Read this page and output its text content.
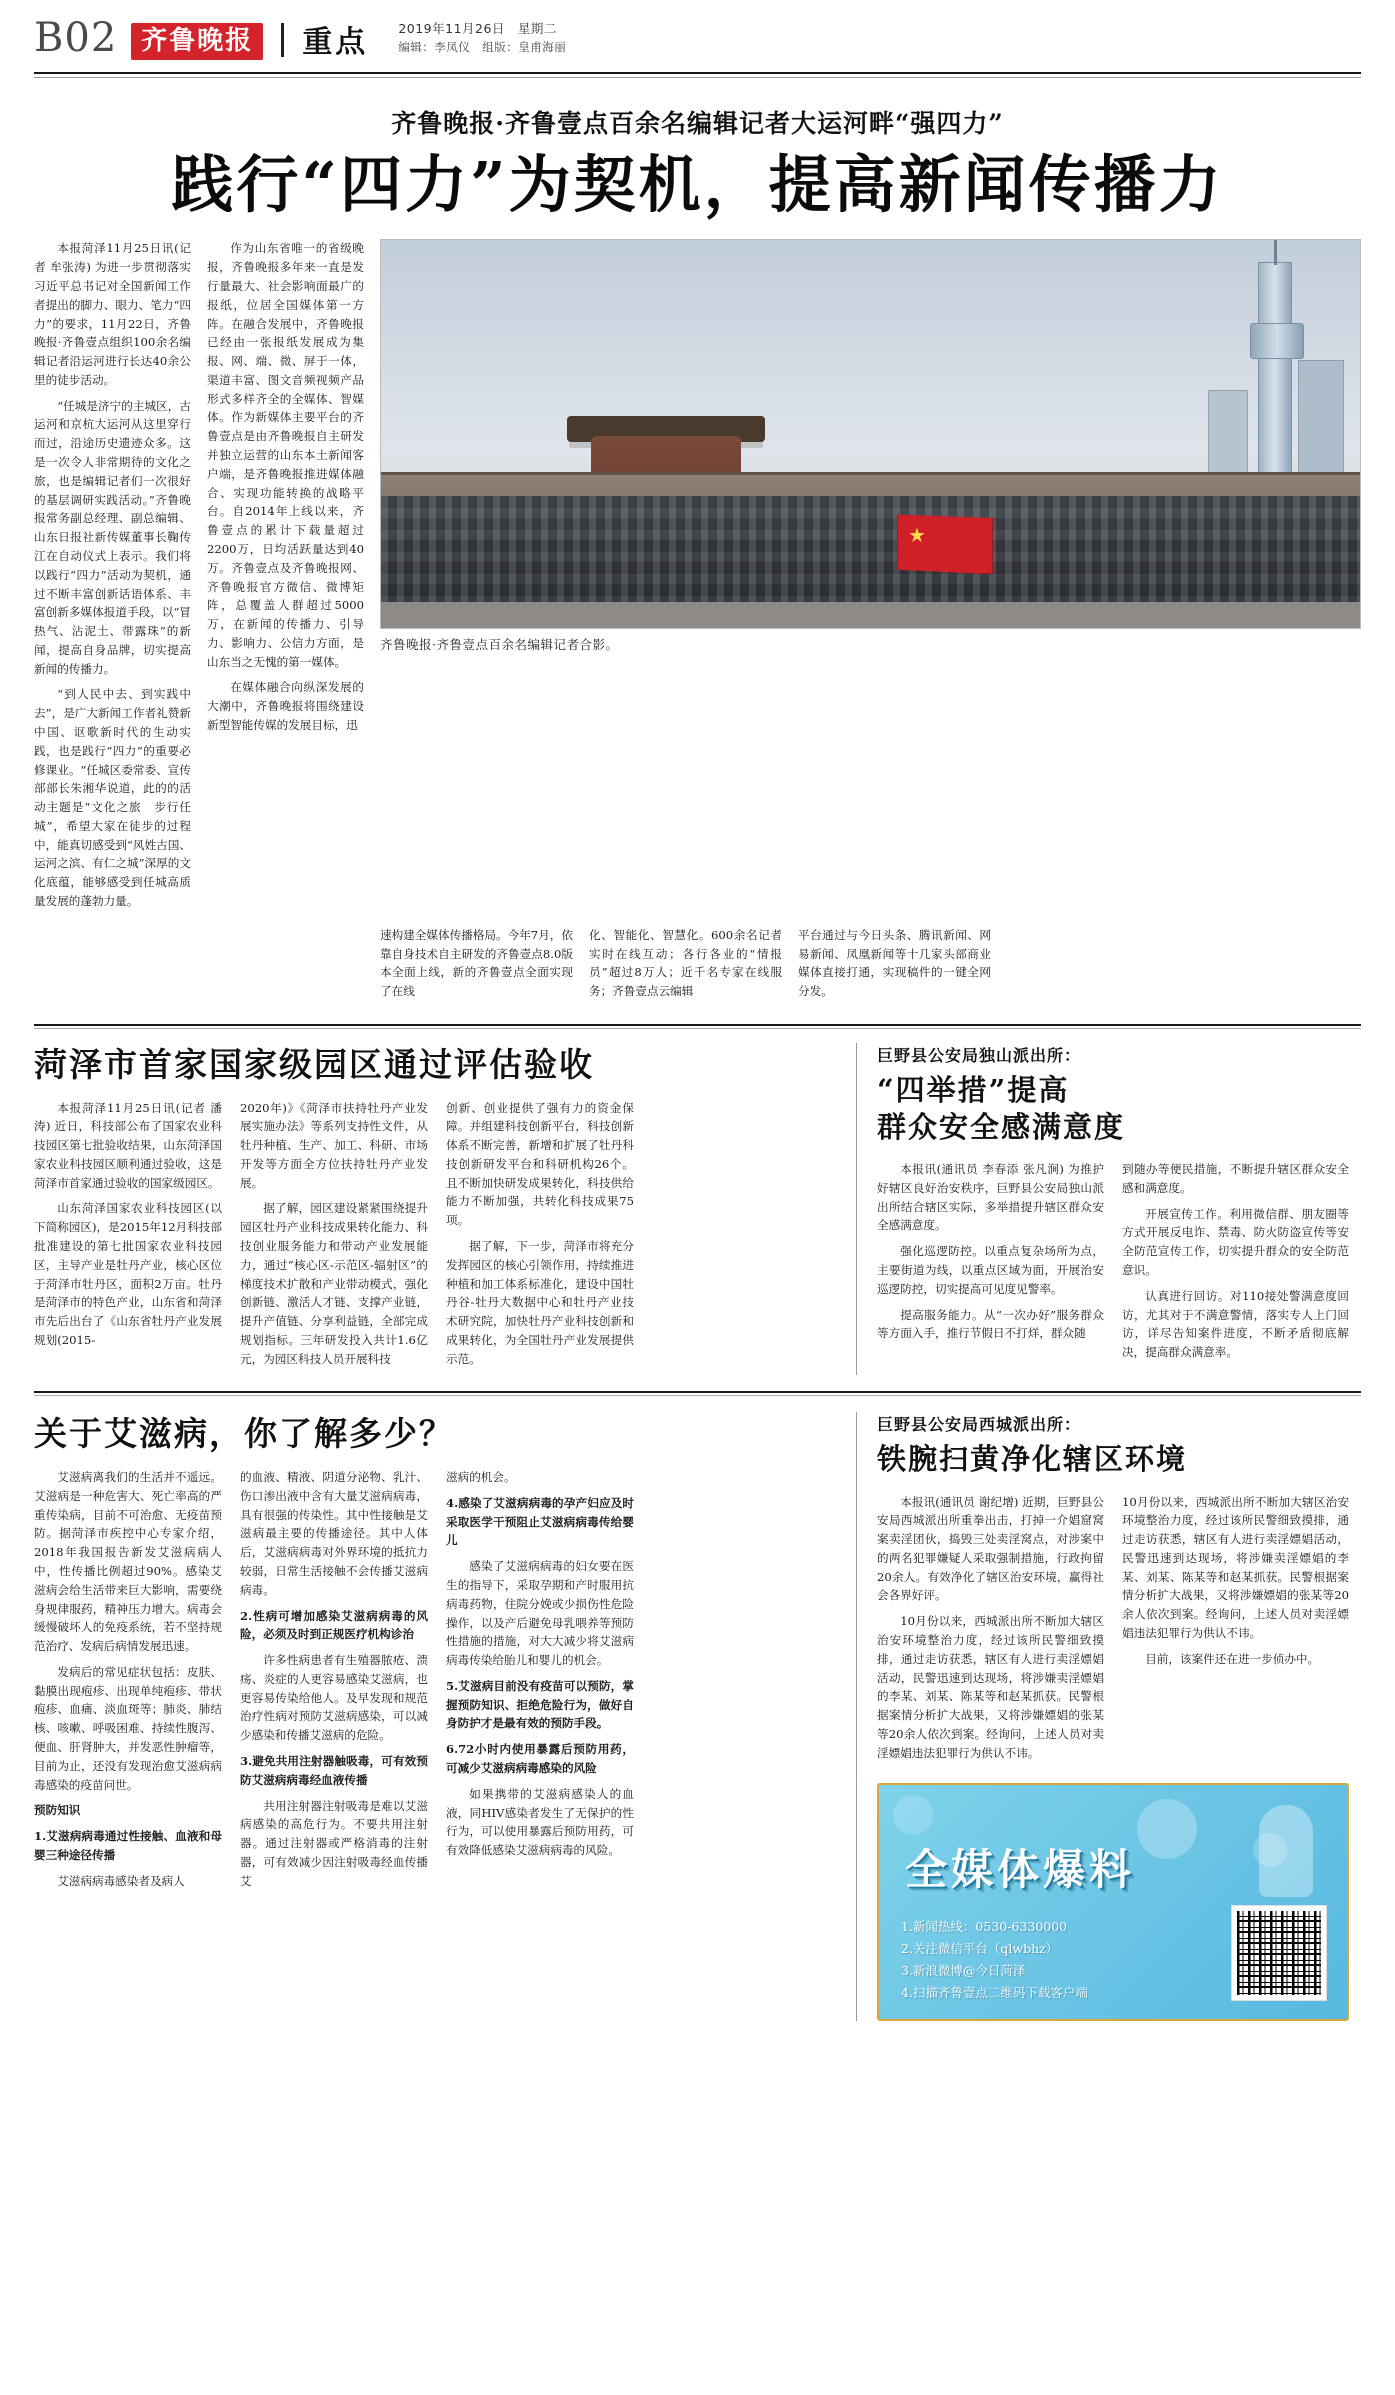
B02 齐鲁晚报	重点 2019年11月26日　星期二
编辑：李凤仪　组版：皇甫海丽
齐鲁晚报·齐鲁壹点百余名编辑记者大运河畔“强四力”
践行“四力”为契机，提高新闻传播力

本报菏泽11月25日讯(记者 牟张涛) 为进一步贯彻落实习近平总书记对全国新闻工作者提出的脚力、眼力、笔力“四力”的要求，11月22日，齐鲁晚报·齐鲁壹点组织100余名编辑记者沿运河进行长达40余公里的徒步活动。

“任城是济宁的主城区，古运河和京杭大运河从这里穿行而过，沿途历史遗迹众多。这是一次令人非常期待的文化之旅，也是编辑记者们一次很好的基层调研实践活动。”齐鲁晚报常务副总经理、副总编辑、山东日报社新传媒董事长鞠传江在自动仪式上表示。我们将以践行“四力”活动为契机，通过不断丰富创新话语体系、丰富创新多媒体报道手段，以“冒热气、沾泥土、带露珠”的新闻，提高自身品牌，切实提高新闻的传播力。

“到人民中去、到实践中去”，是广大新闻工作者礼赞新中国、讴歌新时代的生动实践，也是践行“四力”的重要必修课业。“任城区委常委、宣传部部长朱湘华说道，此的的活动主题是“文化之旅　步行任城”，希望大家在徒步的过程中，能真切感受到“风姓古国、运河之滨、有仁之城”深厚的文化底蕴，能够感受到任城高质量发展的蓬勃力量。

作为山东省唯一的省级晚报，齐鲁晚报多年来一直是发行量最大、社会影响面最广的报纸，位居全国媒体第一方阵。在融合发展中，齐鲁晚报已经由一张报纸发展成为集报、网、端、微、屏于一体，渠道丰富、图文音频视频产品形式多样齐全的全媒体、智媒体。作为新媒体主要平台的齐鲁壹点是由齐鲁晚报自主研发并独立运营的山东本土新闻客户端，是齐鲁晚报推进媒体融合、实现功能转换的战略平台。自2014年上线以来，齐鲁壹点的累计下载量超过2200万，日均活跃量达到40万。齐鲁壹点及齐鲁晚报网、齐鲁晚报官方微信、微博矩阵，总覆盖人群超过5000万，在新闻的传播力、引导力、影响力、公信力方面，是山东当之无愧的第一媒体。

在媒体融合向纵深发展的大潮中，齐鲁晚报将围绕建设新型智能传媒的发展目标，迅

★
齐鲁晚报·齐鲁壹点百余名编辑记者合影。

速构建全媒体传播格局。今年7月，依靠自身技术自主研发的齐鲁壹点8.0版本全面上线，新的齐鲁壹点全面实现了在线

化、智能化、智慧化。600余名记者实时在线互动；各行各业的“情报员”超过8万人；近千名专家在线服务；齐鲁壹点云编辑

平台通过与今日头条、腾讯新闻、网易新闻、凤凰新闻等十几家头部商业媒体直接打通，实现稿件的一键全网分发。

菏泽市首家国家级园区通过评估验收

本报菏泽11月25日讯(记者 潘涛) 近日，科技部公布了国家农业科技园区第七批验收结果，山东菏泽国家农业科技园区顺利通过验收，这是菏泽市首家通过验收的国家级园区。

山东菏泽国家农业科技园区(以下简称园区)，是2015年12月科技部批准建设的第七批国家农业科技园区，主导产业是牡丹产业，核心区位于菏泽市牡丹区，面积2万亩。牡丹是菏泽市的特色产业，山东省和菏泽市先后出台了《山东省牡丹产业发展规划(2015-

2020年)》《菏泽市扶持牡丹产业发展实施办法》等系列支持性文件，从牡丹种植、生产、加工、科研、市场开发等方面全方位扶持牡丹产业发展。

据了解，园区建设紧紧围绕提升园区牡丹产业科技成果转化能力、科技创业服务能力和带动产业发展能力，通过“核心区-示范区-辐射区”的梯度技术扩散和产业带动模式，强化创新链、激活人才链、支撑产业链，提升产值链、分享利益链，全部完成规划指标。三年研发投入共计1.6亿元，为园区科技人员开展科技

创新、创业提供了强有力的资金保障。并组建科技创新平台，科技创新体系不断完善，新增和扩展了牡丹科技创新研发平台和科研机构26个。且不断加快研发成果转化，科技供给能力不断加强，共转化科技成果75项。

据了解，下一步，菏泽市将充分发挥园区的核心引领作用，持续推进种植和加工体系标准化，建设中国牡丹谷-牡丹大数据中心和牡丹产业技术研究院，加快牡丹产业科技创新和成果转化，为全国牡丹产业发展提供示范。

巨野县公安局独山派出所：
“四举措”提高
群众安全感满意度

本报讯(通讯员 李春添 张凡涧) 为推护好辖区良好治安秩序，巨野县公安局独山派出所结合辖区实际，多举措提升辖区群众安全感满意度。

强化巡逻防控。以重点复杂场所为点，主要街道为线，以重点区域为面，开展治安巡逻防控，切实提高可见度见警率。

提高服务能力。从“一次办好”服务群众等方面入手，推行节假日不打烊，群众随

到随办等便民措施，不断提升辖区群众安全感和满意度。

开展宣传工作。利用微信群、朋友圈等方式开展反电诈、禁毒、防火防盗宣传等安全防范宣传工作，切实提升群众的安全防范意识。

认真进行回访。对110接处警满意度回访，尤其对于不满意警情，落实专人上门回访，详尽告知案件进度，不断矛盾彻底解决，提高群众满意率。

关于艾滋病，你了解多少？

艾滋病离我们的生活并不遥远。艾滋病是一种危害大、死亡率高的严重传染病，目前不可治愈、无疫苗预防。据菏泽市疾控中心专家介绍，2018年我国报告新发艾滋病病人中，性传播比例超过90%。感染艾滋病会给生活带来巨大影响，需要绕身规律服药，精神压力增大。病毒会缓慢破坏人的免疫系统，若不坚持规范治疗、发病后病情发展迅速。

发病后的常见症状包括：皮肤、黏膜出现疱疹、出现单纯疱疹、带状疱疹、血痛、淡血斑等；肺炎、肺结核、咳嗽、呼吸困难、持续性腹泻、便血、肝肾肿大，并发恶性肿瘤等，目前为止，还没有发现治愈艾滋病病毒感染的疫苗问世。

预防知识

1.艾滋病病毒通过性接触、血液和母婴三种途径传播

艾滋病病毒感染者及病人

的血液、精液、阴道分泌物、乳汁、伤口渗出液中含有大量艾滋病病毒，具有很强的传染性。其中性接触是艾滋病最主要的传播途径。其中人体后，艾滋病病毒对外界环境的抵抗力较弱，日常生活接触不会传播艾滋病病毒。

2.性病可增加感染艾滋病病毒的风险，必须及时到正规医疗机构诊治

许多性病患者有生殖器脓疮、溃疡、炎症的人更容易感染艾滋病，也更容易传染给他人。及早发现和规范治疗性病对预防艾滋病感染，可以减少感染和传播艾滋病的危险。

3.避免共用注射器触吸毒，可有效预防艾滋病病毒经血液传播

共用注射器注射吸毒是难以艾滋病感染的高危行为。不要共用注射器。通过注射器或严格消毒的注射器，可有效减少因注射吸毒经血传播艾

滋病的机会。

4.感染了艾滋病病毒的孕产妇应及时采取医学干预阻止艾滋病病毒传给婴儿

感染了艾滋病病毒的妇女要在医生的指导下，采取孕期和产时服用抗病毒药物，住院分娩或少损伤性危险操作，以及产后避免母乳喂养等预防性措施的措施，对大大减少将艾滋病病毒传染给胎儿和婴儿的机会。

5.艾滋病目前没有疫苗可以预防，掌握预防知识、拒绝危险行为，做好自身防护才是最有效的预防手段。

6.72小时内使用暴露后预防用药，可减少艾滋病病毒感染的风险

如果携带的艾滋病感染人的血液，同HIV感染者发生了无保护的性行为，可以使用暴露后预防用药，可有效降低感染艾滋病病毒的风险。

巨野县公安局西城派出所：
铁腕扫黄净化辖区环境

本报讯(通讯员 谢纪增) 近期，巨野县公安局西城派出所重拳出击，打掉一介娼窟窝案卖淫团伙，捣毁三处卖淫窝点，对涉案中的两名犯罪嫌疑人采取强制措施，行政拘留20余人。有效净化了辖区治安环境，赢得社会各界好评。

10月份以来，西城派出所不断加大辖区治安环境整治力度，经过该所民警细致摸排，通过走访获悉，辖区有人进行卖淫嫖娼活动，民警迅速到达现场，将涉嫌卖淫嫖娼的李某、刘某、陈某等和赵某抓获。民警根据案情分析扩大战果，又将涉嫌嫖娼的张某等20余人依次到案。经询问，上述人员对卖淫嫖娼违法犯罪行为供认不讳。

10月份以来，西城派出所不断加大辖区治安环境整治力度，经过该所民警细致摸排，通过走访获悉，辖区有人进行卖淫嫖娼活动，民警迅速到达现场，将涉嫌卖淫嫖娼的李某、刘某、陈某等和赵某抓获。民警根据案情分析扩大战果，又将涉嫌嫖娼的张某等20余人依次到案。经询问，上述人员对卖淫嫖娼违法犯罪行为供认不讳。

目前，该案件还在进一步侦办中。

全媒体爆料
1.新闻热线：0530-6330000
2.关注微信平台（qlwbhz）
3.新浪微博@今日菏泽
4.扫描齐鲁壹点二维码下载客户端
